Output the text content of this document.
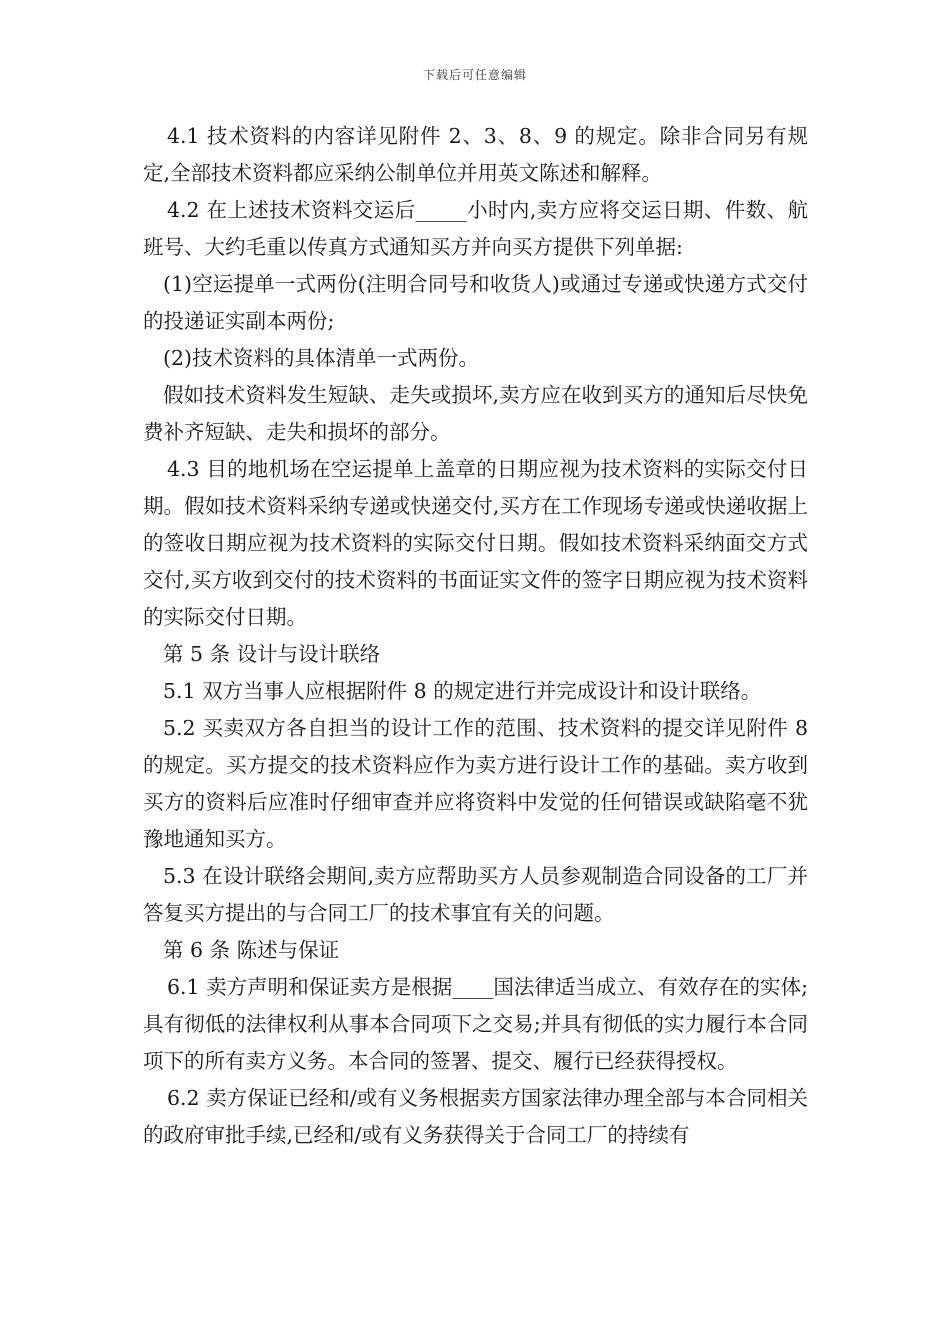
下载后可任意编辑

4.1 技术资料的内容详见附件 2、3、8、9 的规定。除非合同另有规定,全部技术资料都应采纳公制单位并用英文陈述和解释。

4.2 在上述技术资料交运后_____小时内,卖方应将交运日期、件数、航班号、大约毛重以传真方式通知买方并向买方提供下列单据:

(1)空运提单一式两份(注明合同号和收货人)或通过专递或快递方式交付的投递证实副本两份;

(2)技术资料的具体清单一式两份。

假如技术资料发生短缺、走失或损坏,卖方应在收到买方的通知后尽快免费补齐短缺、走失和损坏的部分。

4.3 目的地机场在空运提单上盖章的日期应视为技术资料的实际交付日期。假如技术资料采纳专递或快递交付,买方在工作现场专递或快递收据上的签收日期应视为技术资料的实际交付日期。假如技术资料采纳面交方式交付,买方收到交付的技术资料的书面证实文件的签字日期应视为技术资料的实际交付日期。

第 5 条 设计与设计联络

5.1 双方当事人应根据附件 8 的规定进行并完成设计和设计联络。

5.2 买卖双方各自担当的设计工作的范围、技术资料的提交详见附件 8 的规定。买方提交的技术资料应作为卖方进行设计工作的基础。卖方收到买方的资料后应准时仔细审查并应将资料中发觉的任何错误或缺陷毫不犹豫地通知买方。

5.3 在设计联络会期间,卖方应帮助买方人员参观制造合同设备的工厂并答复买方提出的与合同工厂的技术事宜有关的问题。

第 6 条 陈述与保证

6.1 卖方声明和保证卖方是根据____国法律适当成立、有效存在的实体;具有彻低的法律权利从事本合同项下之交易;并具有彻低的实力履行本合同项下的所有卖方义务。本合同的签署、提交、履行已经获得授权。

6.2 卖方保证已经和/或有义务根据卖方国家法律办理全部与本合同相关的政府审批手续,已经和/或有义务获得关于合同工厂的持续有
